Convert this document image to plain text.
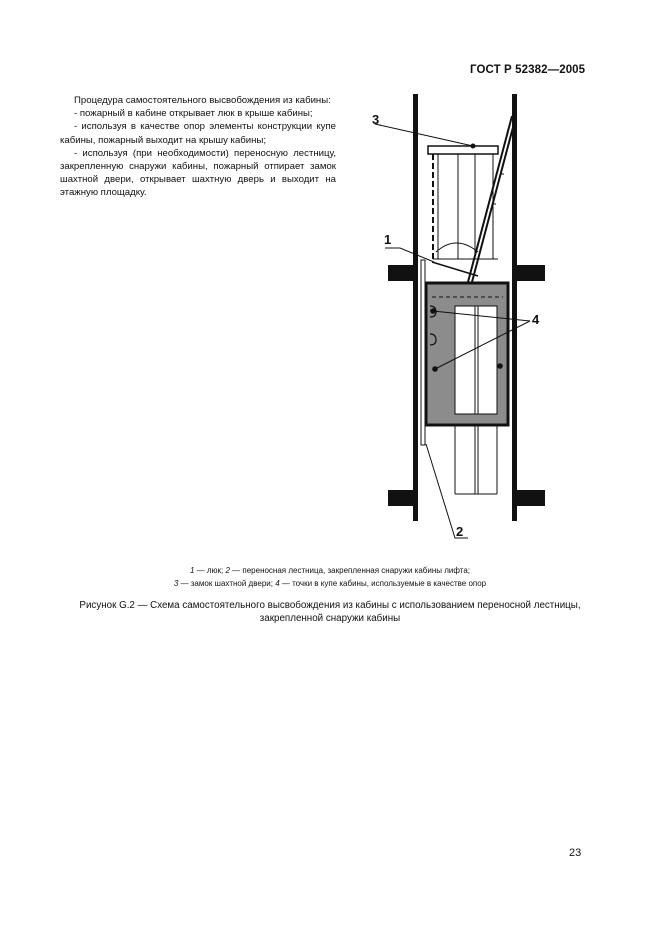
ГОСТ Р 52382—2005

Процедура самостоятельного высвобождения из кабины:

- пожарный в кабине открывает люк в крыше кабины;

- используя в качестве опор элементы конструкции купе кабины, пожарный выходит на крышу кабины;

- используя (при необходимости) переносную лестницу, закрепленную снаружи кабины, пожарный отпирает замок шахтной двери, открывает шахтную дверь и выходит на этажную площадку.

3
1
4
2
1 — люк; 2 — переносная лестница, закрепленная снаружи кабины лифта;
3 — замок шахтной двери; 4 — точки в купе кабины, используемые в качестве опор
Рисунок G.2 — Схема самостоятельного высвобождения из кабины с использованием переносной лестницы,
закрепленной снаружи кабины
23
